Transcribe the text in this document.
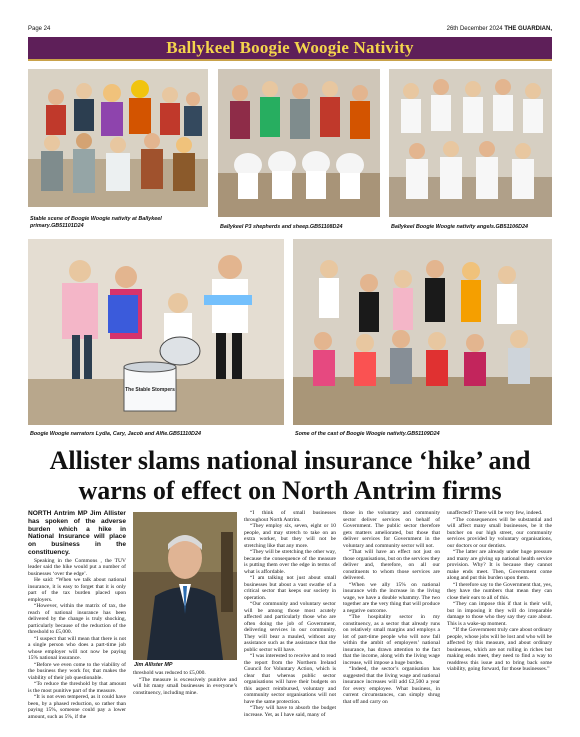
Page 24	26th December 2024 THE GUARDIAN,
Ballykeel Boogie Woogie Nativity
Stable scene of Boogie Woogie nativity at Ballykeel primary.GB51101D24	Ballykeel P3 shepherds and sheep.GB51108D24	Ballykeel Boogie Woogie nativity angels.GB51106D24
The Stable Stompers
Boogie Woogie narrators Lydia, Cary, Jacob and Alfie.GB51110D24	Some of the cast of Boogie Woogie nativity.GB51109D24
Allister slams national insurance ‘hike’ and warns of effect on North Antrim firms

NORTH Antrim MP Jim Allister has spoken of the adverse burden which a hike in National Insurance will place on business in the constituency.

Speaking in the Commons , the TUV leader said the hike would put a number of businesses ‘over the edge’.

He said: “When we talk about national insurance, it is easy to forget that it is only part of the tax burden placed upon employers.

“However, within the matrix of tax, the reach of national insurance has been delivered by the change is truly shocking, particularly because of the reduction of the threshold to £5,000.

“I suspect that will mean that there is not a single person who does a part-time job whose employer will not now be paying 15% national insurance.

“Before we even come to the viability of the business they work for, that makes the viability of their job questionable.

“To reduce the threshold by that amount is the most punitive part of the measure.

“It is not even tempered, as it could have been, by a phased reduction, so rather than paying 15%, someone could pay a lower amount, such as 5%, if the

Jim Allister MP

threshold was reduced to £5,000.

“The measure is excessively punitive and will hit many small businesses in everyone’s constituency, including mine.

“I think of small businesses throughout North Antrim.

“They employ six, seven, eight or 10 people, and may stretch to take on an extra worker, but they will not be stretching like that any more.

“They will be stretching the other way, because the consequence of the measure is putting them over the edge in terms of what is affordable.

“I am talking not just about small businesses but about a vast swathe of a critical sector that keeps our society in operation.

“Our community and voluntary sector will be among those most acutely affected and particularly those who are often doing the job of Government, delivering services in our community. They will bear a mauled, without any assistance such as the assistance that the public sector will have.

“I was interested to receive and to read the report from the Northern Ireland Council for Voluntary Action, which is clear that whereas public sector organisations will have their budgets on this aspect reimbursed, voluntary and community sector organisations will not have the same protection.

“They will have to absorb the budget increase. Yet, as I have said, many of

those in the voluntary and community sector deliver services on behalf of Government. The public sector therefore gets matters ameliorated, but those that deliver services for Government in the voluntary and community sector will not.

“That will have an effect not just on those organisations, but on the services they deliver and, therefore, on all our constituents to whom those services are delivered.

“When we ally 15% on national insurance with the increase in the living wage, we have a double whammy. The two together are the very thing that will produce a negative outcome.

“The hospitality sector in my constituency, as a sector that already runs on relatively small margins and employs a lot of part-time people who will now fall within the ambit of employers’ national insurance, has drawn attention to the fact that the income, along with the living wage increase, will impose a huge burden.

“Indeed, the sector’s organisation has suggested that the living wage and national insurance increases will add £2,500 a year for every employee. What business, in current circumstances, can simply shrug that off and carry on

unaffected? There will be very few, indeed.

“The consequences will be substantial and will affect many small businesses, be it the butcher on our high street, our community services provided by voluntary organisations, our doctors or our dentists.

“The latter are already under huge pressure and many are giving up national health service provision. Why? It is because they cannot make ends meet. Then, Government come along and put this burden upon them.

“I therefore say to the Government that, yes, they have the numbers that mean they can close their ears to all of this.

“They can impose this if that is their will, but in imposing it they will do irreparable damage to those who they say they care about. This is a wake-up moment.

“If the Government truly care about ordinary people, whose jobs will be lost and who will be affected by this measure, and about ordinary businesses, which are not rolling in riches but making ends meet, they need to find a way to readdress this issue and to bring back some viability, going forward, for those businesses.”
